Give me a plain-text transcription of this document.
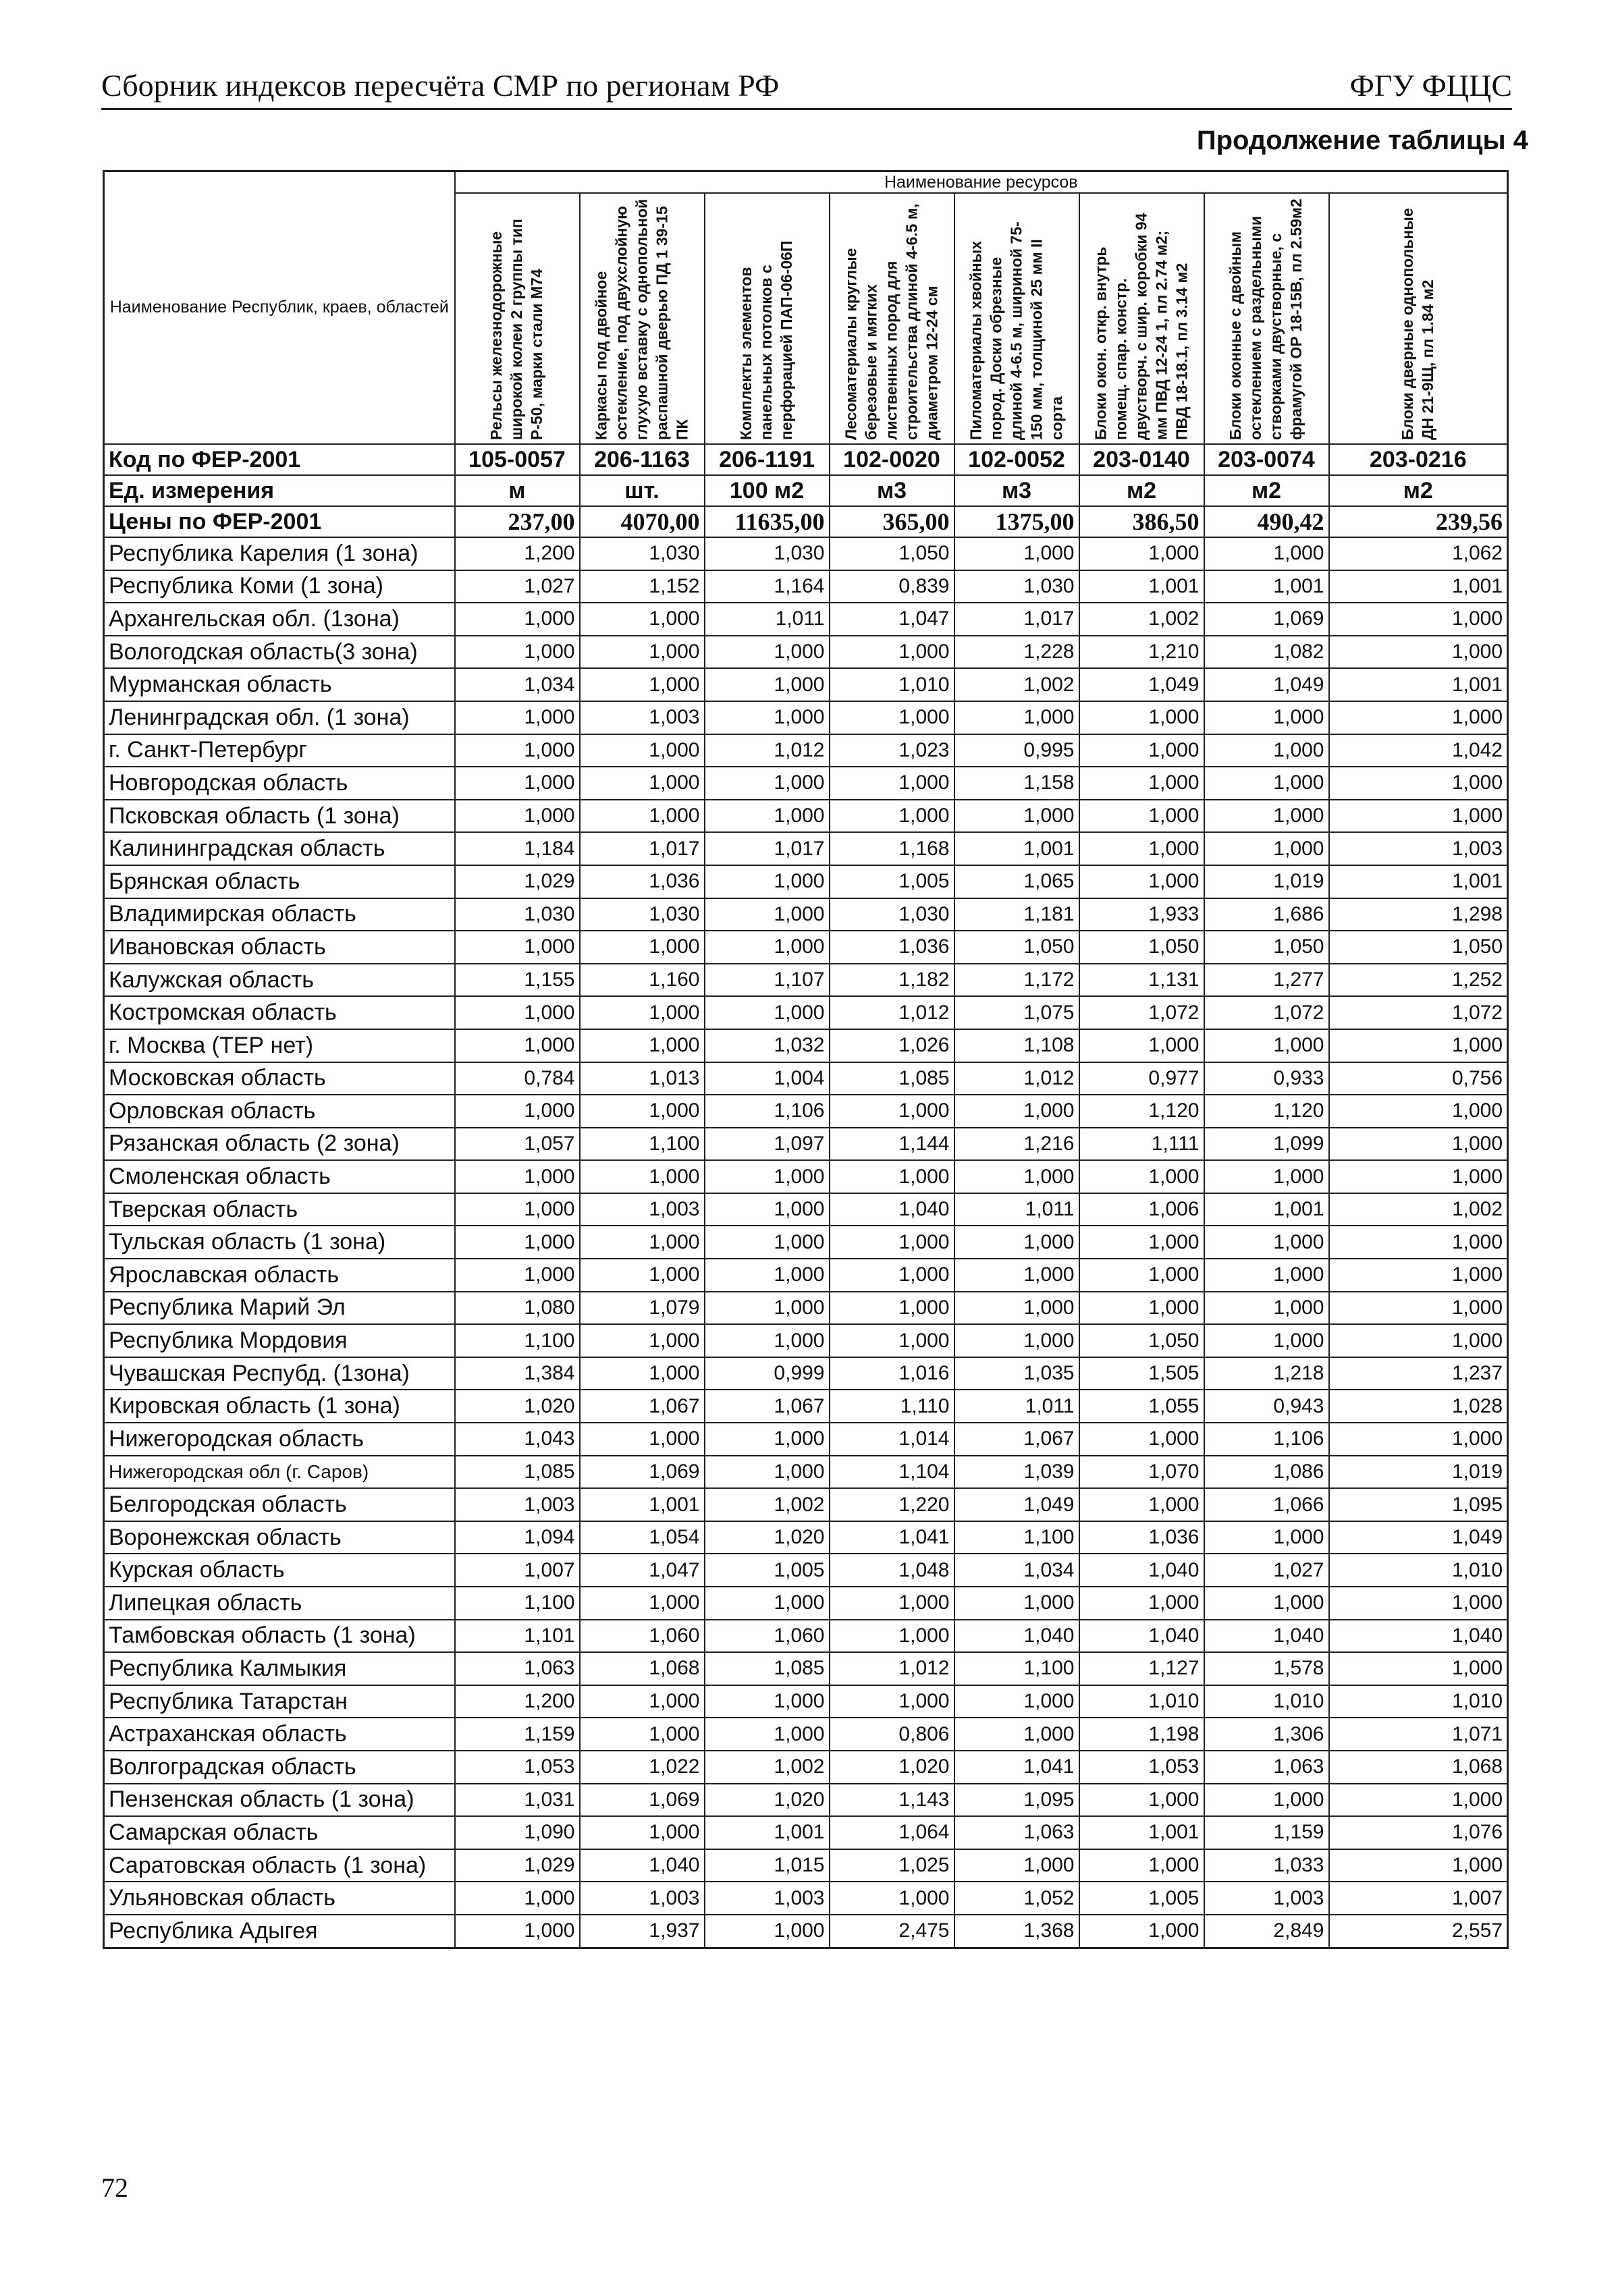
Сборник индексов пересчёта СМР по регионам РФ	ФГУ ФЦЦС
Продолжение таблицы 4
Наименование Республик, краев, областей	Наименование ресурсов							

	Рельсы железнодорожные широкой колеи 2 группы тип Р-50, марки стали М74	Каркасы под двойное остекление, под двухслойную глухую вставку с однопольной распашной дверью ПД 1 39-15 ПК	Комплекты элементов панельных потолков с перфорацией ПАП-06-06П	Лесоматериалы круглые березовые и мягких лиственных пород для строительства длиной 4-6.5 м, диаметром 12-24 см	Пиломатериалы хвойных пород. Доски обрезные длиной 4-6.5 м, шириной 75-150 мм, толщиной 25 мм II сорта	Блоки окон. откр. внутрь помещ. спар. констр. двустворч. с шир. коробки 94 мм ПВД 12-24 1, пл 2.74 м2; ПВД 18-18.1, пл 3.14 м2	Блоки оконные с двойным остеклением с раздельными створками двустворные, с фрамугой ОР 18-15В, пл 2.59м2	Блоки дверные однопольные ДН 21-9Щ, пл 1.84 м2

Код по ФЕР-2001	105-0057	206-1163	206-1191	102-0020	102-0052	203-0140	203-0074	203-0216
Ед. измерения	м	шт.	100 м2	м3	м3	м2	м2	м2
Цены по ФЕР-2001	237,00	4070,00	11635,00	365,00	1375,00	386,50	490,42	239,56
Республика Карелия (1 зона)	1,200	1,030	1,030	1,050	1,000	1,000	1,000	1,062
Республика Коми (1 зона)	1,027	1,152	1,164	0,839	1,030	1,001	1,001	1,001
Архангельская обл. (1зона)	1,000	1,000	1,011	1,047	1,017	1,002	1,069	1,000
Вологодская область(3 зона)	1,000	1,000	1,000	1,000	1,228	1,210	1,082	1,000
Мурманская область	1,034	1,000	1,000	1,010	1,002	1,049	1,049	1,001
Ленинградская обл. (1 зона)	1,000	1,003	1,000	1,000	1,000	1,000	1,000	1,000
г. Санкт-Петербург	1,000	1,000	1,012	1,023	0,995	1,000	1,000	1,042
Новгородская область	1,000	1,000	1,000	1,000	1,158	1,000	1,000	1,000
Псковская область (1 зона)	1,000	1,000	1,000	1,000	1,000	1,000	1,000	1,000
Калининградская область	1,184	1,017	1,017	1,168	1,001	1,000	1,000	1,003
Брянская область	1,029	1,036	1,000	1,005	1,065	1,000	1,019	1,001
Владимирская область	1,030	1,030	1,000	1,030	1,181	1,933	1,686	1,298
Ивановская область	1,000	1,000	1,000	1,036	1,050	1,050	1,050	1,050
Калужская область	1,155	1,160	1,107	1,182	1,172	1,131	1,277	1,252
Костромская область	1,000	1,000	1,000	1,012	1,075	1,072	1,072	1,072
г. Москва (ТЕР нет)	1,000	1,000	1,032	1,026	1,108	1,000	1,000	1,000
Московская область	0,784	1,013	1,004	1,085	1,012	0,977	0,933	0,756
Орловская область	1,000	1,000	1,106	1,000	1,000	1,120	1,120	1,000
Рязанская область (2 зона)	1,057	1,100	1,097	1,144	1,216	1,111	1,099	1,000
Смоленская область	1,000	1,000	1,000	1,000	1,000	1,000	1,000	1,000
Тверская область	1,000	1,003	1,000	1,040	1,011	1,006	1,001	1,002
Тульская область (1 зона)	1,000	1,000	1,000	1,000	1,000	1,000	1,000	1,000
Ярославская область	1,000	1,000	1,000	1,000	1,000	1,000	1,000	1,000
Республика Марий Эл	1,080	1,079	1,000	1,000	1,000	1,000	1,000	1,000
Республика Мордовия	1,100	1,000	1,000	1,000	1,000	1,050	1,000	1,000
Чувашская Респубд. (1зона)	1,384	1,000	0,999	1,016	1,035	1,505	1,218	1,237
Кировская область (1 зона)	1,020	1,067	1,067	1,110	1,011	1,055	0,943	1,028
Нижегородская область	1,043	1,000	1,000	1,014	1,067	1,000	1,106	1,000
Нижегородская обл (г. Саров)	1,085	1,069	1,000	1,104	1,039	1,070	1,086	1,019
Белгородская область	1,003	1,001	1,002	1,220	1,049	1,000	1,066	1,095
Воронежская область	1,094	1,054	1,020	1,041	1,100	1,036	1,000	1,049
Курская область	1,007	1,047	1,005	1,048	1,034	1,040	1,027	1,010
Липецкая область	1,100	1,000	1,000	1,000	1,000	1,000	1,000	1,000
Тамбовская область (1 зона)	1,101	1,060	1,060	1,000	1,040	1,040	1,040	1,040
Республика Калмыкия	1,063	1,068	1,085	1,012	1,100	1,127	1,578	1,000
Республика Татарстан	1,200	1,000	1,000	1,000	1,000	1,010	1,010	1,010
Астраханская область	1,159	1,000	1,000	0,806	1,000	1,198	1,306	1,071
Волгоградская область	1,053	1,022	1,002	1,020	1,041	1,053	1,063	1,068
Пензенская область (1 зона)	1,031	1,069	1,020	1,143	1,095	1,000	1,000	1,000
Самарская область	1,090	1,000	1,001	1,064	1,063	1,001	1,159	1,076
Саратовская область (1 зона)	1,029	1,040	1,015	1,025	1,000	1,000	1,033	1,000
Ульяновская область	1,000	1,003	1,003	1,000	1,052	1,005	1,003	1,007
Республика Адыгея	1,000	1,937	1,000	2,475	1,368	1,000	2,849	2,557
72
